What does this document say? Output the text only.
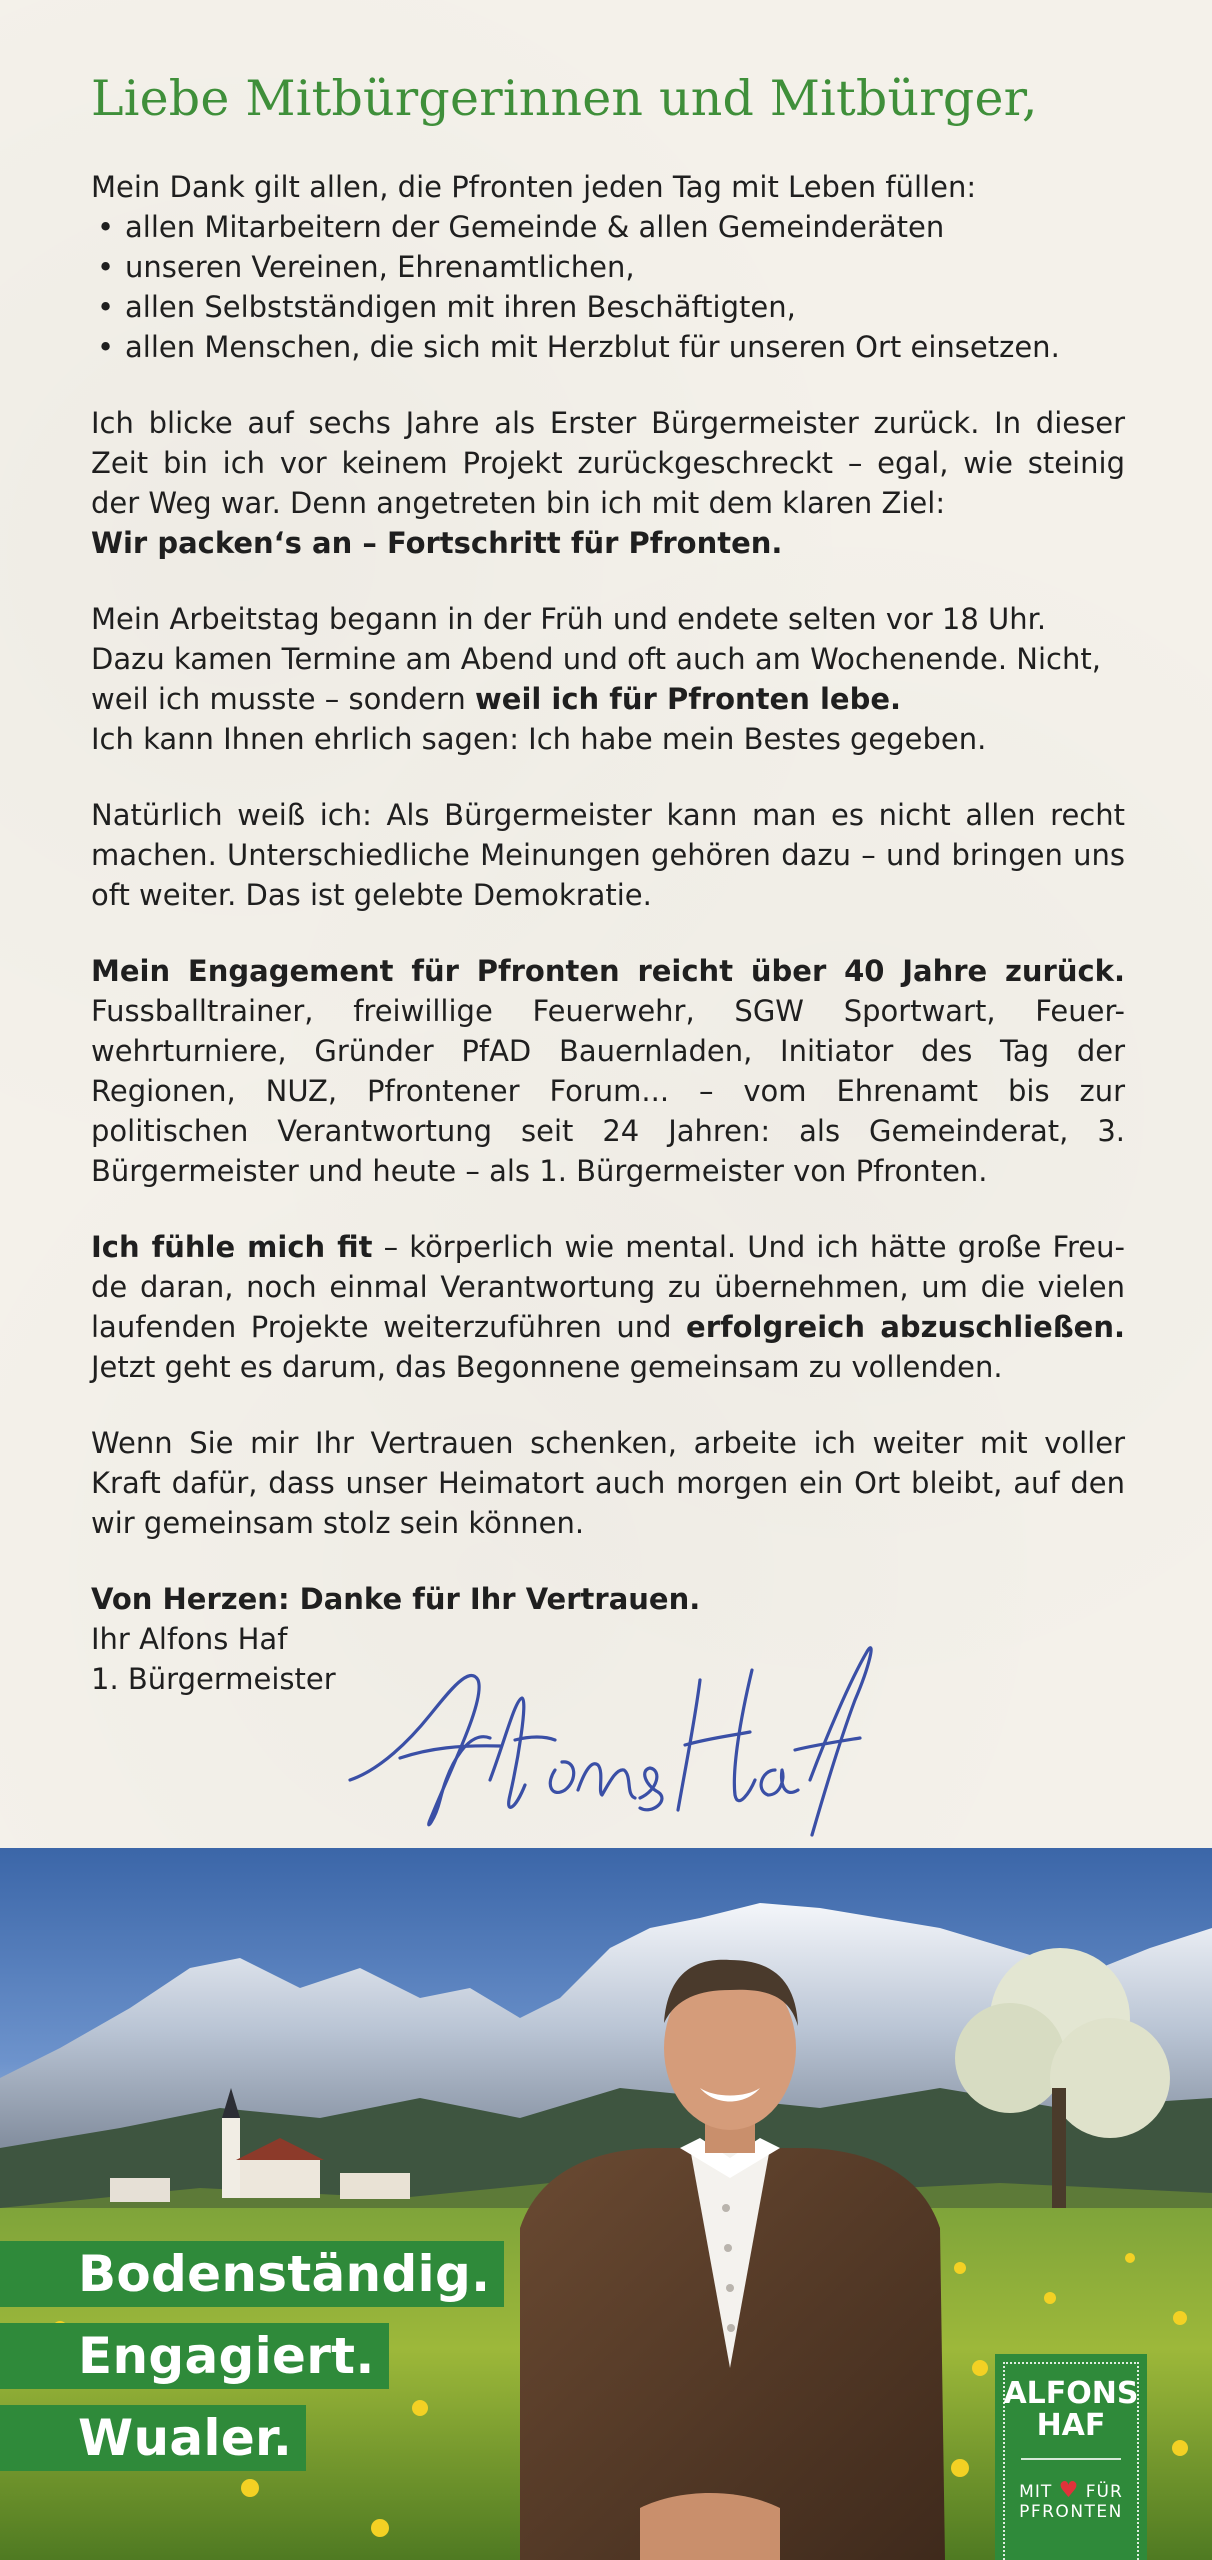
Liebe Mitbürgerinnen und Mitbürger,

Mein Dank gilt allen, die Pfronten jeden Tag mit Leben füllen:

• allen Mitarbeitern der Gemeinde & allen Gemeinderäten
• unseren Vereinen, Ehrenamtlichen,
• allen Selbstständigen mit ihren Beschäftigten,
• allen Menschen, die sich mit Herzblut für unseren Ort einsetzen.

Ich blicke auf sechs Jahre als Erster Bürgermeister zurück. In dieser Zeit bin ich vor keinem Projekt zurückgeschreckt – egal, wie steinig der Weg war. Denn angetreten bin ich mit dem klaren Ziel:
Wir packen‘s an – Fortschritt für Pfronten.

Mein Arbeitstag begann in der Früh und endete selten vor 18 Uhr. Dazu kamen Termine am Abend und oft auch am Wochenende. Nicht, weil ich musste – sondern weil ich für Pfronten lebe.
Ich kann Ihnen ehrlich sagen: Ich habe mein Bestes gegeben.

Natürlich weiß ich: Als Bürgermeister kann man es nicht allen recht machen. Unterschiedliche Meinungen gehören dazu – und bringen uns oft weiter. Das ist gelebte Demokratie.

Mein Engagement für Pfronten reicht über 40 Jahre zurück. Fussballtrainer, freiwillige Feuerwehr, SGW Sportwart, Feuer-wehrturniere, Gründer PfAD Bauernladen, Initiator des Tag der Regionen, NUZ, Pfrontener Forum... – vom Ehrenamt bis zur politischen Verantwortung seit 24 Jahren: als Gemeinderat, 3. Bürgermeister und heute – als 1. Bürgermeister von Pfronten.

Ich fühle mich fit – körperlich wie mental. Und ich hätte große Freu-de daran, noch einmal Verantwortung zu übernehmen, um die vielen laufenden Projekte weiterzuführen und erfolgreich abzuschließen. Jetzt geht es darum, das Begonnene gemeinsam zu vollenden.

Wenn Sie mir Ihr Vertrauen schenken, arbeite ich weiter mit voller Kraft dafür, dass unser Heimatort auch morgen ein Ort bleibt, auf den wir gemeinsam stolz sein können.

Von Herzen: Danke für Ihr Vertrauen.
Ihr Alfons Haf
1. Bürgermeister
Bodenständig.
Engagiert.
Wualer.
ALFONS
HAF
MIT ♥ FÜR
PFRONTEN
